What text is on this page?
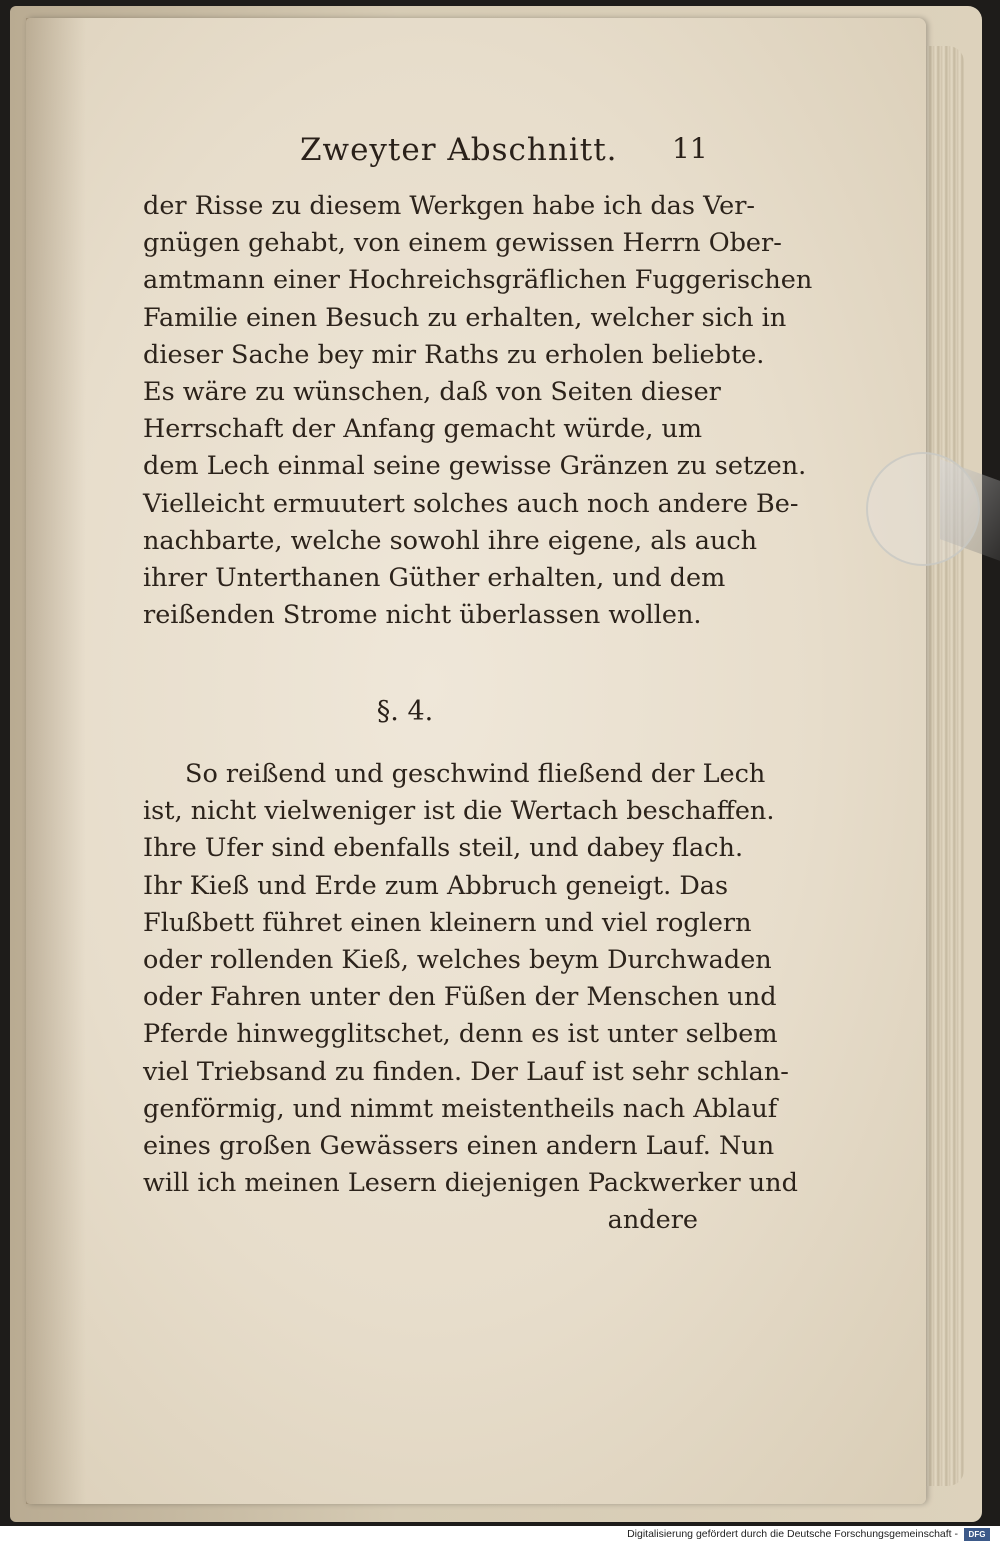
Zweyter Abschnitt. 11
der Risse zu diesem Werkgen habe ich das Ver-
gnügen gehabt, von einem gewissen Herrn Ober-
amtmann einer Hochreichsgräflichen Fuggerischen
Familie einen Besuch zu erhalten, welcher sich in
dieser Sache bey mir Raths zu erholen beliebte.
Es wäre zu wünschen, daß von Seiten dieser
Herrschaft der Anfang gemacht würde, um
dem Lech einmal seine gewisse Gränzen zu setzen.
Vielleicht ermuutert solches auch noch andere Be-
nachbarte, welche sowohl ihre eigene, als auch
ihrer Unterthanen Güther erhalten, und dem
reißenden Strome nicht überlassen wollen.
§. 4.
So reißend und geschwind fließend der Lech
ist, nicht vielweniger ist die Wertach beschaffen.
Ihre Ufer sind ebenfalls steil, und dabey flach.
Ihr Kieß und Erde zum Abbruch geneigt. Das
Flußbett führet einen kleinern und viel roglern
oder rollenden Kieß, welches beym Durchwaden
oder Fahren unter den Füßen der Menschen und
Pferde hinwegglitschet, denn es ist unter selbem
viel Triebsand zu finden. Der Lauf ist sehr schlan-
genförmig, und nimmt meistentheils nach Ablauf
eines großen Gewässers einen andern Lauf. Nun
will ich meinen Lesern diejenigen Packwerker und
andere
Digitalisierung gefördert durch die Deutsche Forschungsgemeinschaft -	DFG
